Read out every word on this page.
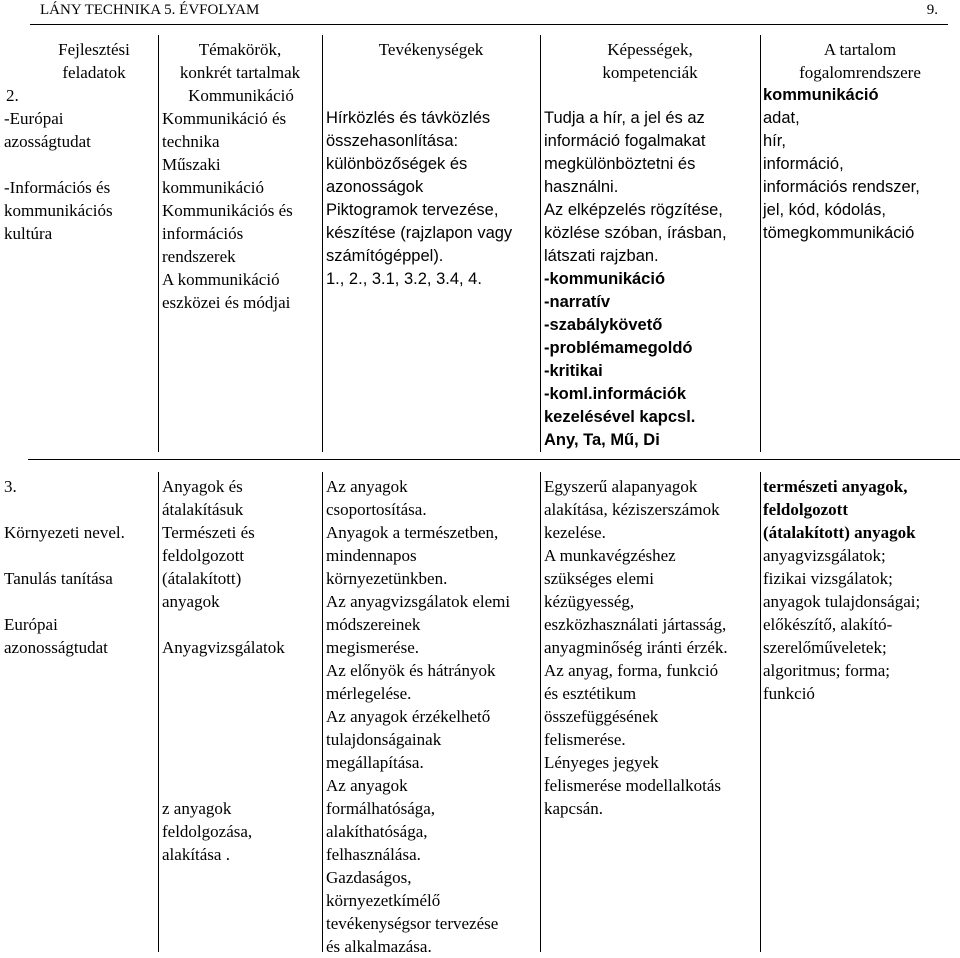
LÁNY TECHNIKA 5. ÉVFOLYAM	9.
Fejlesztési
feladatok
Témakörök,
konkrét tartalmak
Tevékenységek	Képességek,
kompetenciák
A tartalom
fogalomrendszere
2.
-Európai
azosságtudat
-Információs és
kommunikációs
kultúra
Kommunikáció
Kommunikáció és
technika
Műszaki
kommunikáció
Kommunikációs és
információs
rendszerek
A kommunikáció
eszközei és módjai
Hírközlés és távközlés
összehasonlítása:
különbözőségek és
azonosságok
Piktogramok tervezése,
készítése (rajzlapon vagy
számítógéppel).
1., 2., 3.1, 3.2, 3.4, 4.
Tudja a hír, a jel és az
információ fogalmakat
megkülönböztetni és
használni.
Az elképzelés rögzítése,
közlése szóban, írásban,
látszati rajzban.
-kommunikáció
-narratív
-szabálykövető
-problémamegoldó
-kritikai
-koml.információk
kezelésével kapcsl.
Any, Ta, Mű, Di
kommunikáció
adat,
hír,
információ,
információs rendszer,
jel, kód, kódolás,
tömegkommunikáció
3.
Környezeti nevel.
Tanulás tanítása
Európai
azonosságtudat
Anyagok és
átalakításuk
Természeti és
feldolgozott
(átalakított)
anyagok
Anyagvizsgálatok
z anyagok
feldolgozása,
alakítása .
Az anyagok
csoportosítása.
Anyagok a természetben,
mindennapos
környezetünkben.
Az anyagvizsgálatok elemi
módszereinek
megismerése.
Az előnyök és hátrányok
mérlegelése.
Az anyagok érzékelhető
tulajdonságainak
megállapítása.
Az anyagok
formálhatósága,
alakíthatósága,
felhasználása.
Gazdaságos,
környezetkímélő
tevékenységsor tervezése
és alkalmazása.
Egyszerű alapanyagok
alakítása, kéziszerszámok
kezelése.
A munkavégzéshez
szükséges elemi
kézügyesség,
eszközhasználati jártasság,
anyagminőség iránti érzék.
Az anyag, forma, funkció
és esztétikum
összefüggésének
felismerése.
Lényeges jegyek
felismerése modellalkotás
kapcsán.
természeti anyagok,
feldolgozott
(átalakított) anyagok
anyagvizsgálatok;
fizikai vizsgálatok;
anyagok tulajdonságai;
előkészítő, alakító-
szerelőműveletek;
algoritmus; forma;
funkció
